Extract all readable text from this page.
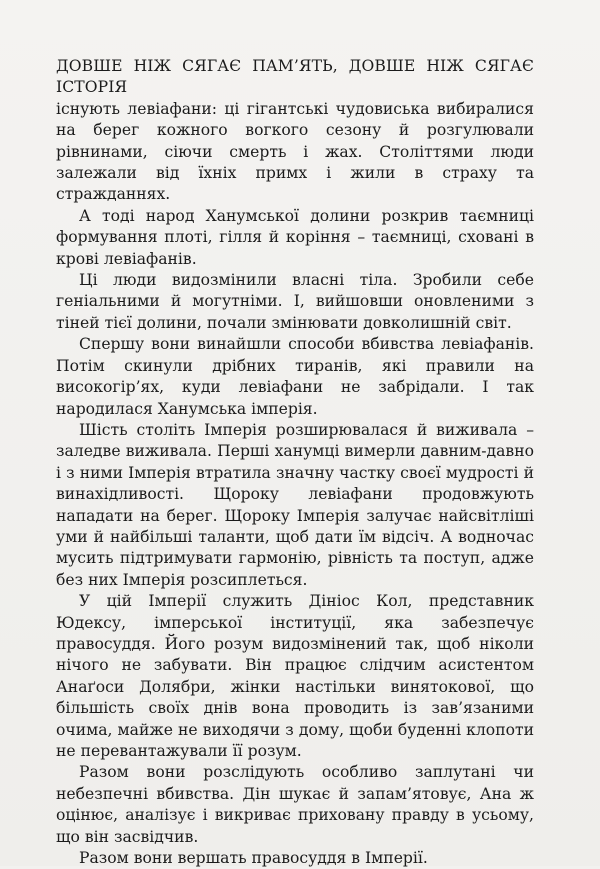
ДОВШЕ НІЖ СЯГАЄ ПАМ’ЯТЬ, ДОВШЕ НІЖ СЯГАЄ ІСТОРІЯ

існують левіафани: ці гігантські чудовиська вибиралися на берег кожного вогкого сезону й розгулювали рівнинами, сіючи смерть і жах. Століттями люди залежали від їхніх примх і жили в страху та стражданнях.

А тоді народ Ханумської долини розкрив таємниці формування плоті, гілля й коріння – таємниці, сховані в крові левіафанів.

Ці люди видозмінили власні тіла. Зробили себе геніальними й могутніми. І, вийшовши оновленими з тіней тієї долини, почали змінювати довколишній світ.

Спершу вони винайшли способи вбивства левіафанів. Потім скинули дрібних тиранів, які правили на високогір’ях, куди левіафани не забрідали. І так народилася Ханумська імперія.

Шість століть Імперія розширювалася й виживала – заледве виживала. Перші ханумці вимерли давним-давно і з ними Імперія втратила значну частку своєї мудрості й винахідливості. Щороку левіафани продовжують нападати на берег. Щороку Імперія залучає найсвітліші уми й найбільші таланти, щоб дати їм відсіч. А водночас мусить підтримувати гармонію, рівність та поступ, адже без них Імперія розсиплеться.

У цій Імперії служить Дініос Кол, представник Юдексу, імперської інституції, яка забезпечує правосуддя. Його розум видозмінений так, щоб ніколи нічого не забувати. Він працює слідчим асистентом Анаґоси Долябри, жінки настільки винятокової, що більшість своїх днів вона проводить із зав’язаними очима, майже не виходячи з дому, щоби буденні клопоти не перевантажували її розум.

Разом вони розслідують особливо заплутані чи небезпечні вбивства. Дін шукає й запам’ятовує, Ана ж оцінює, аналізує і викриває приховану правду в усьому, що він засвідчив.

Разом вони вершать правосуддя в Імперії.
